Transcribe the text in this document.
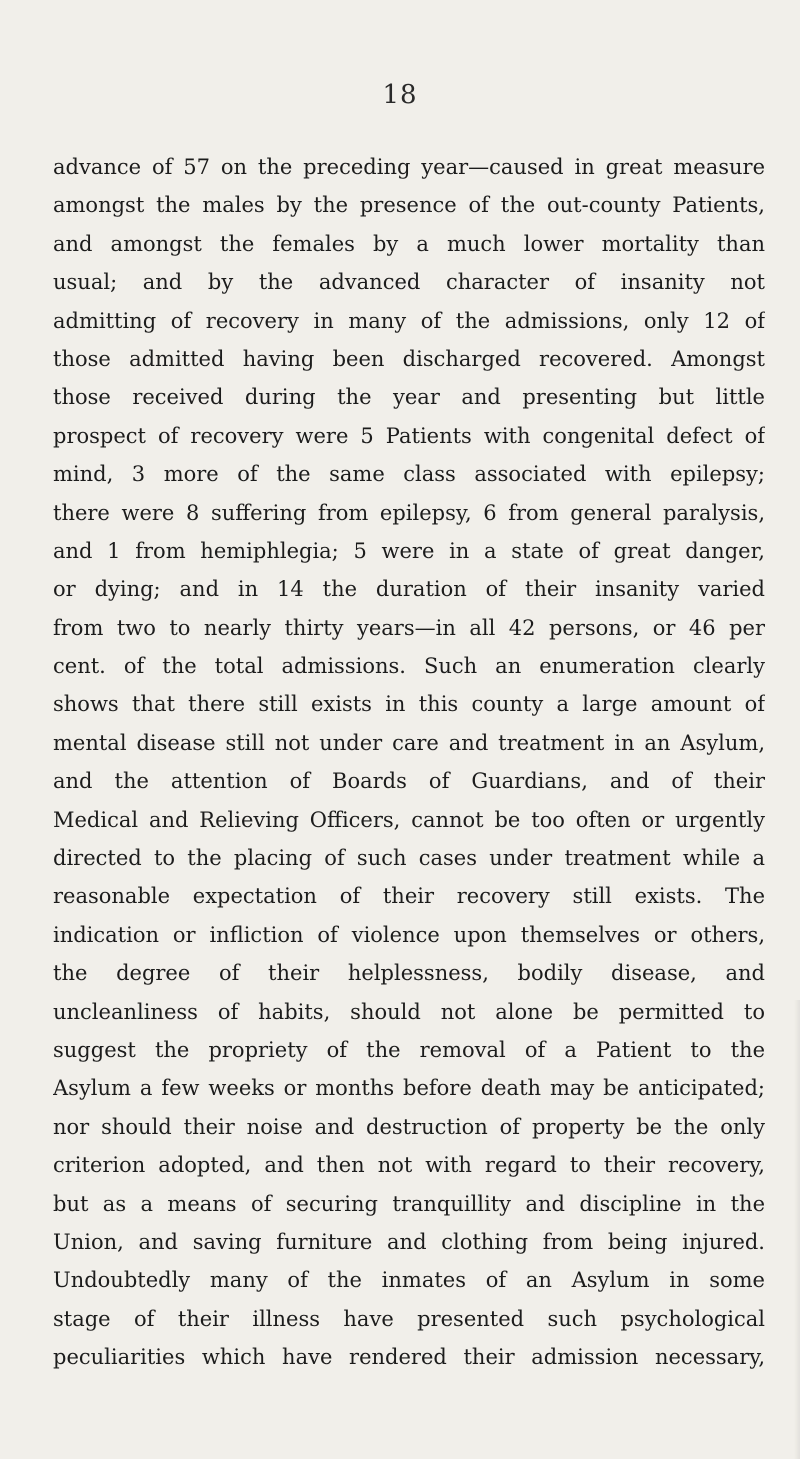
18
advance of 57 on the preceding year—caused in great measure
amongst the males by the presence of the out-county Patients,
and amongst the females by a much lower mortality than
usual; and by the advanced character of insanity not
admitting of recovery in many of the admissions, only 12 of
those admitted having been discharged recovered. Amongst
those received during the year and presenting but little
prospect of recovery were 5 Patients with congenital defect of
mind, 3 more of the same class associated with epilepsy;
there were 8 suffering from epilepsy, 6 from general paralysis,
and 1 from hemiphlegia; 5 were in a state of great danger,
or dying; and in 14 the duration of their insanity varied
from two to nearly thirty years—in all 42 persons, or 46 per
cent. of the total admissions. Such an enumeration clearly
shows that there still exists in this county a large amount of
mental disease still not under care and treatment in an Asylum,
and the attention of Boards of Guardians, and of their
Medical and Relieving Officers, cannot be too often or urgently
directed to the placing of such cases under treatment while a
reasonable expectation of their recovery still exists. The
indication or infliction of violence upon themselves or others,
the degree of their helplessness, bodily disease, and
uncleanliness of habits, should not alone be permitted to
suggest the propriety of the removal of a Patient to the
Asylum a few weeks or months before death may be anticipated;
nor should their noise and destruction of property be the only
criterion adopted, and then not with regard to their recovery,
but as a means of securing tranquillity and discipline in the
Union, and saving furniture and clothing from being injured.
Undoubtedly many of the inmates of an Asylum in some
stage of their illness have presented such psychological
peculiarities which have rendered their admission necessary,
